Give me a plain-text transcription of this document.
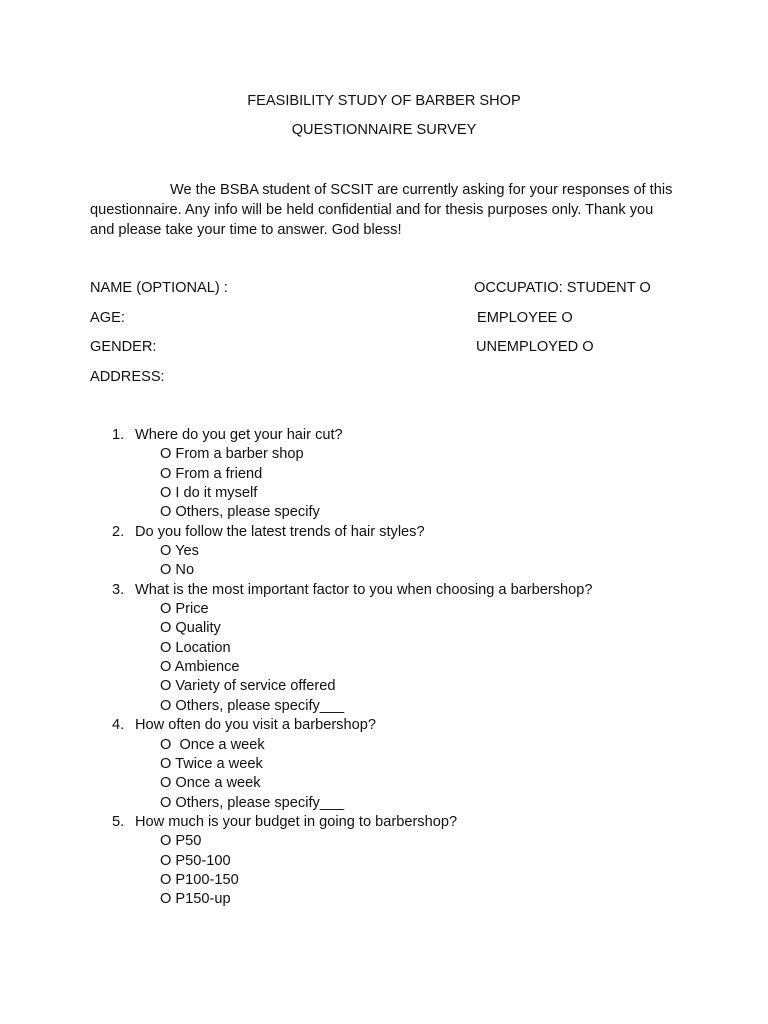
FEASIBILITY STUDY OF BARBER SHOP
QUESTIONNAIRE SURVEY

We the BSBA student of SCSIT are currently asking for your responses of this questionnaire. Any info will be held confidential and for thesis purposes only. Thank you and please take your time to answer. God bless!

NAME (OPTIONAL) :
AGE:
GENDER:
ADDRESS:
OCCUPATIO: STUDENT O
EMPLOYEE O
UNEMPLOYED O
1. Where do you get your hair cut?
O From a barber shop
O From a friend
O I do it myself
O Others, please specify
2. Do you follow the latest trends of hair styles?
O Yes
O No
3. What is the most important factor to you when choosing a barbershop?
O Price
O Quality
O Location
O Ambience
O Variety of service offered
O Others, please specify___
4. How often do you visit a barbershop?
O  Once a week
O Twice a week
O Once a week
O Others, please specify___
5. How much is your budget in going to barbershop?
O P50
O P50-100
O P100-150
O P150-up
